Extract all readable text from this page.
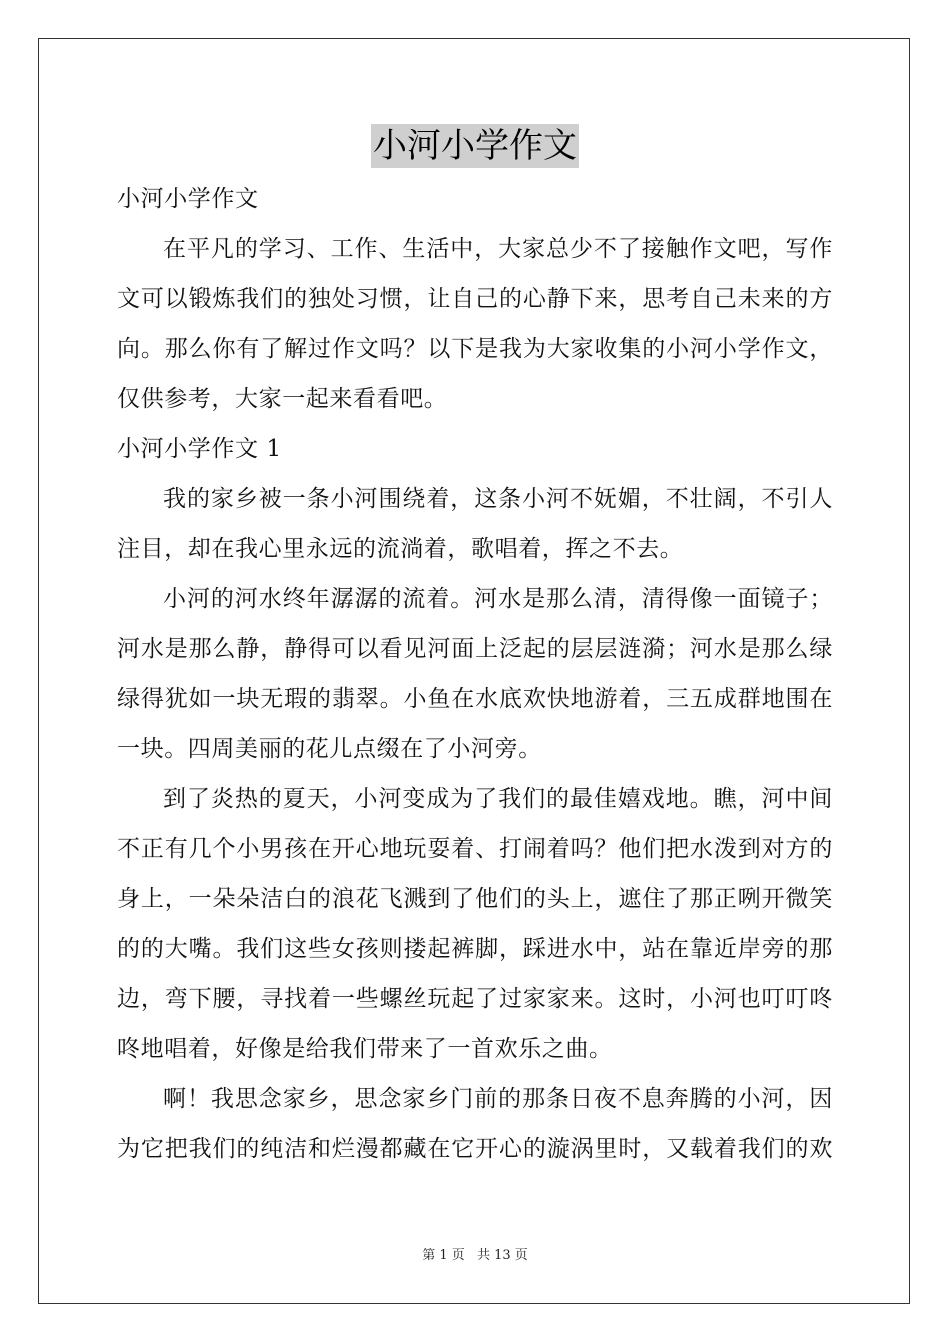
小河小学作文
小河小学作文
在平凡的学习、工作、生活中，大家总少不了接触作文吧，写作
文可以锻炼我们的独处习惯，让自己的心静下来，思考自己未来的方
向。那么你有了解过作文吗？以下是我为大家收集的小河小学作文，
仅供参考，大家一起来看看吧。
小河小学作文 1
我的家乡被一条小河围绕着，这条小河不妩媚，不壮阔，不引人
注目，却在我心里永远的流淌着，歌唱着，挥之不去。
小河的河水终年潺潺的流着。河水是那么清，清得像一面镜子；
河水是那么静，静得可以看见河面上泛起的层层涟漪；河水是那么绿
绿得犹如一块无瑕的翡翠。小鱼在水底欢快地游着，三五成群地围在
一块。四周美丽的花儿点缀在了小河旁。
到了炎热的夏天，小河变成为了我们的最佳嬉戏地。瞧，河中间
不正有几个小男孩在开心地玩耍着、打闹着吗？他们把水泼到对方的
身上，一朵朵洁白的浪花飞溅到了他们的头上，遮住了那正咧开微笑
的的大嘴。我们这些女孩则搂起裤脚，踩进水中，站在靠近岸旁的那
边，弯下腰，寻找着一些螺丝玩起了过家家来。这时，小河也叮叮咚
咚地唱着，好像是给我们带来了一首欢乐之曲。
啊！我思念家乡，思念家乡门前的那条日夜不息奔腾的小河，因
为它把我们的纯洁和烂漫都藏在它开心的漩涡里时，又载着我们的欢
第 1 页 共 13 页
